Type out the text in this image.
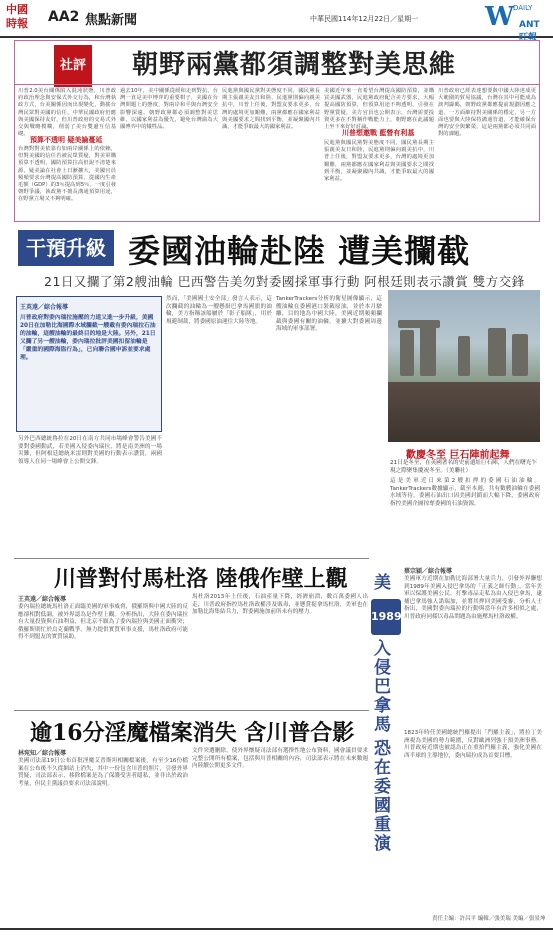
中國
時報	AA2 焦點新聞	中華民國114年12月22日／星期一	W DAILY
ANT 旺報
社評 朝野兩黨都須調整對美思維
川普2.0美台關係陷入混沌狀態，川普政府政治理念與安保式外交行為，和台灣執政方式，台美關係因而出現變化，動搖台灣民眾對美國的信任，中華民國政府仍應與美國保持友好，但川普政府的交易式外交與戰略模糊，削弱了美台雙邊互信基礎。
預算不透明 疑美論蔓延
台灣對對美依靠有如兩岸關係上的依賴，但對美國的信任若被民眾質疑，對美軍購預算不透明，國防預算拉高但說不清楚來源，疑美論在社會上日漸擴大，美國官員頻頻要求台灣提高國防預算，從國內生產毛額（GDP）的3％提高到5％，一度引發朝野爭議，執政黨不擅長溝通預算用途，在野黨立場又不夠明確。
過去10年，美中關係從緩和走到對抗，台灣一直是美中博弈的重要棋子，美國在台灣問題上的態度，對兩岸和平與台灣安全影響深遠，朝野政黨都必須調整對美思維，以國家利益為優先，避免台灣淪為大國博弈中的犧牲品。
民進黨與國民黨對美態度不同，國民黨長期主張親美友日和陸，民進黨則偏向親美抗中，川普上任後，對盟友要求更多，台灣的處境更加艱難，兩黨都應在國家利益與美國要求之間找到平衡，並凝聚國內共識，才能爭取最大的國家利益。
美國近年來一直希望台灣提高國防預算，並購買美國武器，民進黨政府配合美方要求，大幅提高國防預算，但預算用途不夠透明，引發在野黨質疑，美方官員也公開表示，台灣需要投資更多在不對稱作戰能力上，朝野應在此議題上坐下來好好討論。
川普想邀戰 藍營有利基
民進黨與國民黨對美態度不同，國民黨長期主張親美友日和陸，民進黨則偏向親美抗中，川普上任後，對盟友要求更多，台灣的處境更加艱難，兩黨都應在國家利益與美國要求之間找到平衡，並凝聚國內共識，才能爭取最大的國家利益。
川普政府已經表達想要與中國大陸達成更大範圍的貿易協議，台灣在其中可能成為談判籌碼，朝野政黨都應提前規劃因應之道，一方面維持對美關係的穩定，另一方面也要與大陸保持溝通管道，才能確保台灣的安全與繁榮，這是兩黨都必須共同面對的課題。
干預升級 委國油輪赴陸 遭美攔截
21日又攔了第2艘油輪 巴西警告美勿對委國採軍事行動 阿根廷則表示讚賞 雙方交鋒
王英遠／綜合報導
川普政府對委內瑞拉施壓的力道又進一步升級，美國20日在加勒比海國際水域攔截一艘載有委內瑞拉石油的油輪，這艘油輪的最終目的地是大陸。另外，21日又攔了另一艘油輪，委內瑞拉批評美國扣留油輪是「嚴重的國際海盜行為」，已向聯合國申訴並要求處理。
另外巴西總統魯拉在20日在南方共同市場峰會警告美國不要對委國動武，若美國入侵委內瑞拉，將是南美洲的一場災難，但阿根廷總統米雷則對美國的行動表示讚賞，兩國領導人在同一場峰會上公開交鋒。
然而，「美國國土安全部」發言人表示，這次攔截的油輪為一艘懸掛巴拿馬國旗的油輪，美方指稱該船屬於「影子船隊」，用於規避制裁，將委國原油運往大陸等地。
TankerTrackers分析的衛星圖像顯示，這艘油輪在委國港口裝載原油，並於本月駛離，目的地為中國大陸，美國近期頻頻攔截與委國有關的油輪，並擴大對委國周邊海域的軍事部署。
歡慶冬至 巨石陣前起舞
21日是冬至，在英國著名的史前遺址巨石陣，人們在曙光乍現之際聚集慶祝冬至。（美聯社）
這是美軍近日來第2艘扣押的委國石油油輪。TankerTrackers數據顯示，截至本週，共有數艘油輪在委國水域等待，委國石油出口因美國封鎖而大幅下降，委國政府指控美國企圖掠奪委國的石油資源。
川普對付馬杜洛 陸俄作壁上觀
王英遠／綜合報導
委內瑞拉總統馬杜洛正面臨美國的軍事威脅，俄羅斯與中國大陸的反應卻相對低調，被外界認為是作壁上觀。分析指出，大陸在委內瑞拉有大量投資與石油利益，但北京不願為了委內瑞拉與美國正面衝突；俄羅斯則忙於烏克蘭戰爭，無力提供實質軍事支援，馬杜洛政府可能得不到盟友的實質協助。
馬杜洛2013年上任後，石油產量下降，經濟崩潰，數百萬委國人出走，川普政府指控馬杜洛政權涉及販毒，並懸賞捉拿馬杜洛，美軍也在加勒比海集結兵力，對委國施加前所未有的壓力。
逾16分淫魔檔案消失 含川普合影
林宛知／綜合報導
美國司法部19日公布首批淫魔艾普斯坦相關檔案後，有至少16份檔案在公布後不久從網站上消失，其中一份包含川普的照片，引發外界質疑，司法部表示，移除檔案是為了保護受害者隱私，並非出於政治考量，但民主黨議員要求司法部說明。
文件突遭刪除，使外界懷疑司法部有選擇性地公布資料，國會議員要求完整公開所有檔案，包括與川普相關的內容，司法部表示將在未來數週內陸續公開更多文件。
美
1989
入侵巴拿馬
恐在委國重演
蔡宗穎／綜合報導
美國軍方近期在加勒比海部署大量兵力，引發外界聯想到1989年美國入侵巴拿馬的「正義之師行動」，當年美軍以保護美國公民、打擊毒品走私為由入侵巴拿馬，逮捕巴拿馬強人諾瑞加，並將其押回美國受審，分析人士指出，美國對委內瑞拉的行動與當年有許多相似之處，川普政府同樣以毒品問題為由施壓馬杜洛政權。
1823年時任美國總統門羅提出「門羅主義」，將拉丁美洲視為美國的勢力範圍，反對歐洲列強干預美洲事務。川普政府近期也被認為正在重拾門羅主義，強化美國在西半球的主導地位，委內瑞拉成為首要目標。
責任主編：許昌平 編輯／張美瑞 美編／張景坤
